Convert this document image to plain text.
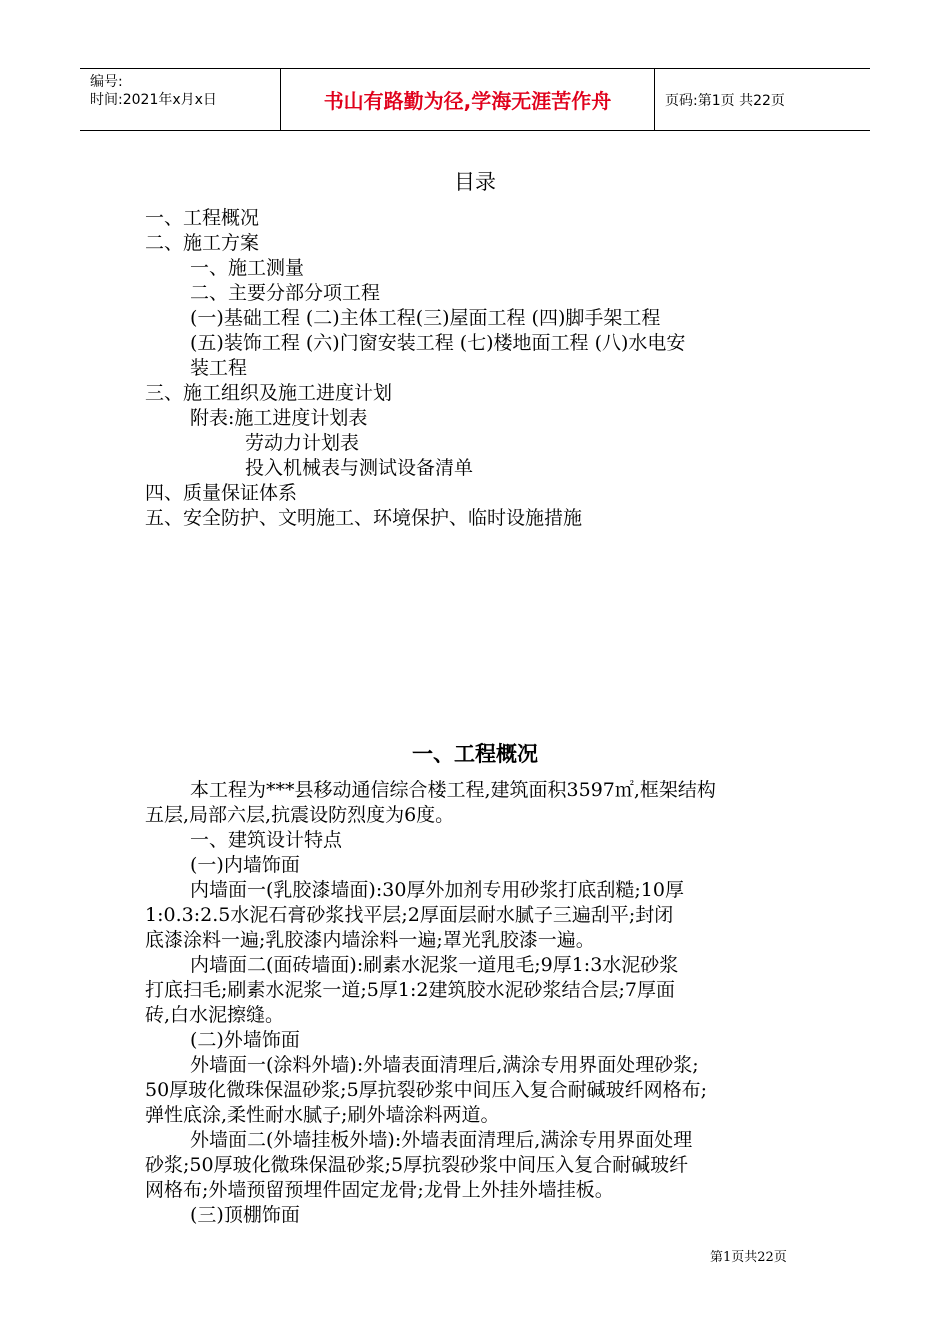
编号:
时间:2021年x月x日	书山有路勤为径,学海无涯苦作舟	页码:第1页 共22页
目录
一、工程概况
二、施工方案
一、施工测量
二、主要分部分项工程
(一)基础工程 (二)主体工程(三)屋面工程 (四)脚手架工程
(五)装饰工程 (六)门窗安装工程 (七)楼地面工程 (八)水电安
装工程
三、施工组织及施工进度计划
附表:施工进度计划表
劳动力计划表
投入机械表与测试设备清单
四、质量保证体系
五、安全防护、文明施工、环境保护、临时设施措施
一、工程概况
本工程为***县移动通信综合楼工程,建筑面积3597㎡,框架结构
五层,局部六层,抗震设防烈度为6度。
一、建筑设计特点
(一)内墙饰面
内墙面一(乳胶漆墙面):30厚外加剂专用砂浆打底刮糙;10厚
1:0.3:2.5水泥石膏砂浆找平层;2厚面层耐水腻子三遍刮平;封闭
底漆涂料一遍;乳胶漆内墙涂料一遍;罩光乳胶漆一遍。
内墙面二(面砖墙面):刷素水泥浆一道甩毛;9厚1:3水泥砂浆
打底扫毛;刷素水泥浆一道;5厚1:2建筑胶水泥砂浆结合层;7厚面
砖,白水泥擦缝。
(二)外墙饰面
外墙面一(涂料外墙):外墙表面清理后,满涂专用界面处理砂浆;
50厚玻化微珠保温砂浆;5厚抗裂砂浆中间压入复合耐碱玻纤网格布;
弹性底涂,柔性耐水腻子;刷外墙涂料两道。
外墙面二(外墙挂板外墙):外墙表面清理后,满涂专用界面处理
砂浆;50厚玻化微珠保温砂浆;5厚抗裂砂浆中间压入复合耐碱玻纤
网格布;外墙预留预埋件固定龙骨;龙骨上外挂外墙挂板。
(三)顶棚饰面
第1页共22页
